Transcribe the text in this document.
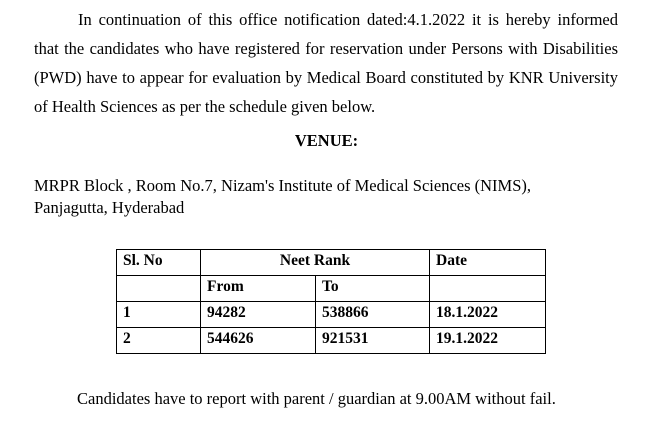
In continuation of this office notification dated:4.1.2022 it is hereby informed that the candidates who have registered for reservation under Persons with Disabilities (PWD) have to appear for evaluation by Medical Board constituted by KNR University of Health Sciences as per the schedule given below.

VENUE:

MRPR Block , Room No.7, Nizam's Institute of Medical Sciences (NIMS),
Panjagutta, Hyderabad
Sl. No	Neet Rank		Date
	From	To	
1	94282	538866	18.1.2022
2	544626	921531	19.1.2022

Candidates have to report with parent / guardian at 9.00AM without fail.
